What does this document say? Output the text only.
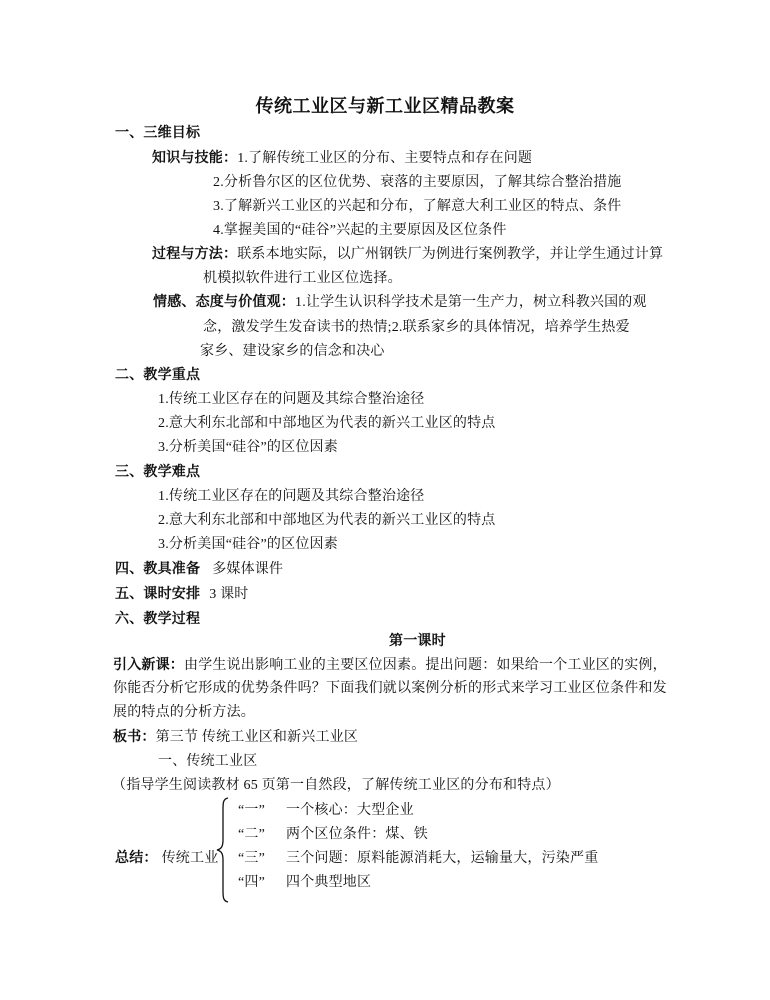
传统工业区与新工业区精品教案
一、三维目标
知识与技能：1.了解传统工业区的分布、主要特点和存在问题
2.分析鲁尔区的区位优势、衰落的主要原因，了解其综合整治措施
3.了解新兴工业区的兴起和分布，了解意大利工业区的特点、条件
4.掌握美国的“硅谷”兴起的主要原因及区位条件
过程与方法：联系本地实际，以广州钢铁厂为例进行案例教学，并让学生通过计算
机模拟软件进行工业区位选择。
情感、态度与价值观：1.让学生认识科学技术是第一生产力，树立科教兴国的观
念，激发学生发奋读书的热情;2.联系家乡的具体情况，培养学生热爱
家乡、建设家乡的信念和决心
二、教学重点
1.传统工业区存在的问题及其综合整治途径
2.意大利东北部和中部地区为代表的新兴工业区的特点
3.分析美国“硅谷”的区位因素
三、教学难点
1.传统工业区存在的问题及其综合整治途径
2.意大利东北部和中部地区为代表的新兴工业区的特点
3.分析美国“硅谷”的区位因素
四、教具准备 多媒体课件
五、课时安排 3 课时
六、教学过程
第一课时
引入新课：由学生说出影响工业的主要区位因素。提出问题：如果给一个工业区的实例，
你能否分析它形成的优势条件吗？下面我们就以案例分析的形式来学习工业区位条件和发
展的特点的分析方法。
板书：第三节 传统工业区和新兴工业区
一、传统工业区
（指导学生阅读教材 65 页第一自然段，了解传统工业区的分布和特点）
总结： 传统工业
“一” 一个核心：大型企业
“二” 两个区位条件：煤、铁
“三” 三个问题：原料能源消耗大，运输量大，污染严重
“四” 四个典型地区
